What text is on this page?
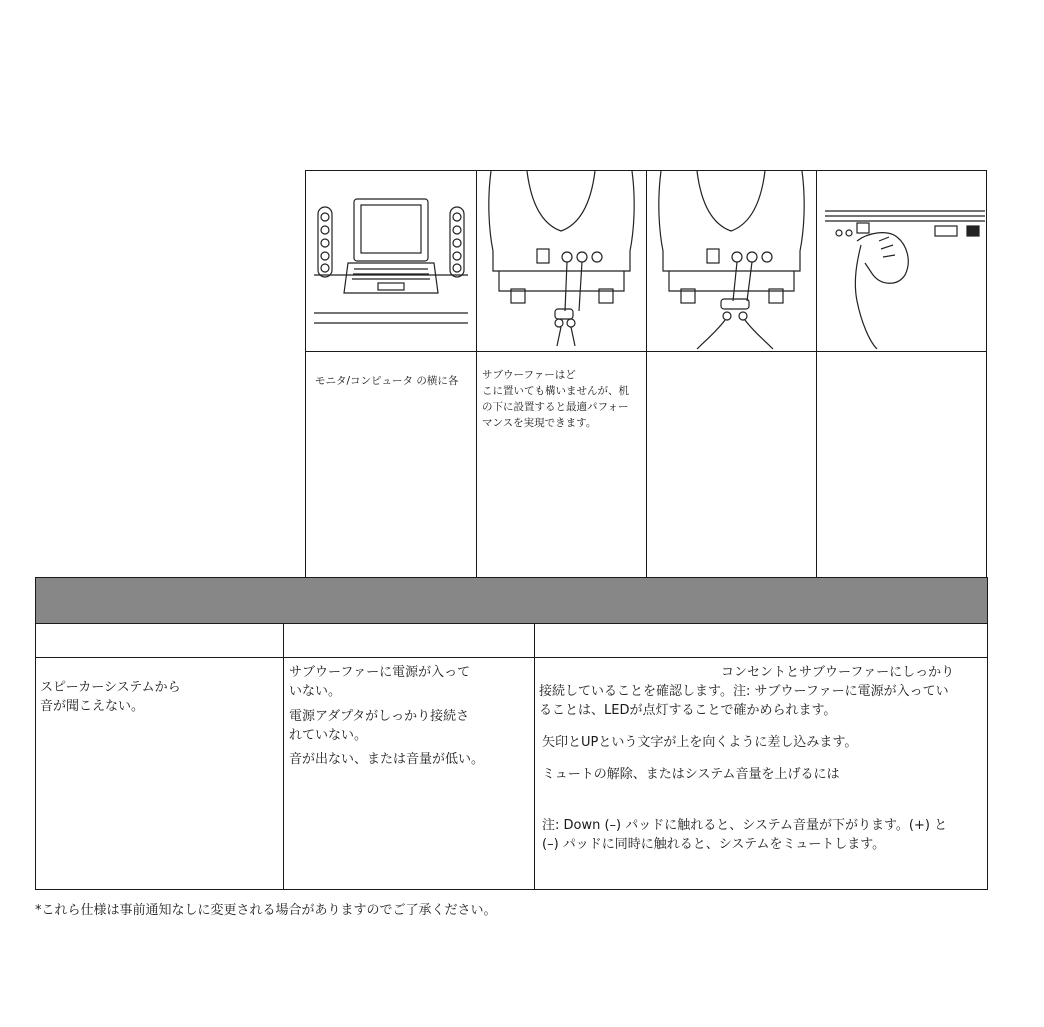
モニタ/コンピュータ の横に各	サブウーファーはど
こに置いても構いませんが、机
の下に設置すると最適パフォー
マンスを実現できます。
スピーカーシステムから
音が聞こえない。
サブウーファーに電源が入って
いない。
電源アダプタがしっかり接続さ
れていない。
音が出ない、または音量が低い。
コンセントとサブウーファーにしっかり
接続していることを確認します。注: サブウーファーに電源が入ってい
ることは、LEDが点灯することで確かめられます。
矢印とUPという文字が上を向くように差し込みます。
ミュートの解除、またはシステム音量を上げるには
注: Down (–) パッドに触れると、システム音量が下がります。(+) と
(–) パッドに同時に触れると、システムをミュートします。
*これら仕様は事前通知なしに変更される場合がありますのでご了承ください。
